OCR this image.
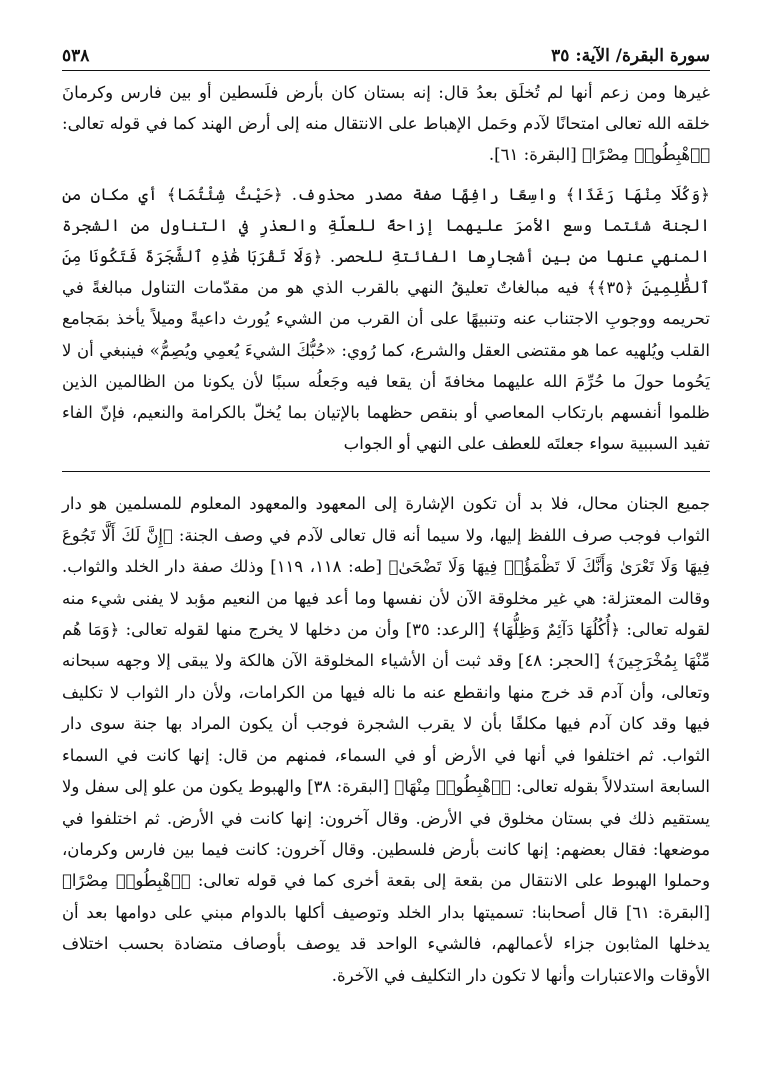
سورة البقرة/ الآية: ٣٥
٥٣٨

غيرها ومن زعم أنها لم تُخلَق بعدُ قال: إنه بستان كان بأرض فلَسطين أو بين فارس وكرمانَ خلقه الله تعالى امتحانًا لآدم وحَمل الإهباط على الانتقال منه إلى أرض الهند كما في قوله تعالى: ﴿ٱهْبِطُوا۟ مِصْرًا﴾ [البقرة: ٦١].

﴿وَكُلَا مِنْهَا رَغَدًا﴾ واسِعًا رافِهًا صفة مصدر محذوف. ﴿حَيْثُ شِئْتُمَا﴾ أي مكان من الجنة شئتما وسع الأمرَ عليهما إزاحةً للعلّةِ والعذرِ في التناول من الشجرة المنهي عنها من بين أشجارِها الفائتةِ للحصر. ﴿وَلَا تَقْرَبَا هَٰذِهِ ٱلشَّجَرَةَ فَتَكُونَا مِنَ ٱلظَّٰلِمِينَ ﴿٣٥﴾﴾ فيه مبالغاتٌ تعليقُ النهي بالقرب الذي هو من مقدّمات التناول مبالغةً في تحريمه ووجوبِ الاجتناب عنه وتنبيهًا على أن القرب من الشيء يُورث داعيةً وميلاً يأخذ بمَجامع القلب ويُلهيه عما هو مقتضى العقل والشرع، كما رُوي: «حُبُّكَ الشيءَ يُعمِي ويُصِمُّ» فينبغي أن لا يَحُوما حولَ ما حُرِّمَ الله عليهما مخافةَ أن يقعا فيه وجَعلُه سببًا لأن يكونا من الظالمين الذين ظلموا أنفسهم بارتكاب المعاصي أو بنقص حظهما بالإتيان بما يُخلّ بالكرامة والنعيم، فإنّ الفاء تفيد السببية سواء جعلتَه للعطف على النهي أو الجواب

جميع الجنان محال، فلا بد أن تكون الإشارة إلى المعهود والمعهود المعلوم للمسلمين هو دار الثواب فوجب صرف اللفظ إليها، ولا سيما أنه قال تعالى لآدم في وصف الجنة: ﴿إِنَّ لَكَ أَلَّا تَجُوعَ فِيهَا وَلَا تَعْرَىٰ وَأَنَّكَ لَا تَظْمَؤُا۟ فِيهَا وَلَا تَضْحَىٰ﴾ [طه: ١١٨، ١١٩] وذلك صفة دار الخلد والثواب. وقالت المعتزلة: هي غير مخلوقة الآن لأن نفسها وما أعد فيها من النعيم مؤبد لا يفنى شيء منه لقوله تعالى: ﴿أُكُلُهَا دَآئِمٌ وَظِلُّهَا﴾ [الرعد: ٣٥] وأن من دخلها لا يخرج منها لقوله تعالى: ﴿وَمَا هُم مِّنْهَا بِمُخْرَجِينَ﴾ [الحجر: ٤٨] وقد ثبت أن الأشياء المخلوقة الآن هالكة ولا يبقى إلا وجهه سبحانه وتعالى، وأن آدم قد خرج منها وانقطع عنه ما ناله فيها من الكرامات، ولأن دار الثواب لا تكليف فيها وقد كان آدم فيها مكلفًا بأن لا يقرب الشجرة فوجب أن يكون المراد بها جنة سوى دار الثواب. ثم اختلفوا في أنها في الأرض أو في السماء، فمنهم من قال: إنها كانت في السماء السابعة استدلالاً بقوله تعالى: ﴿ٱهْبِطُوا۟ مِنْهَا﴾ [البقرة: ٣٨] والهبوط يكون من علو إلى سفل ولا يستقيم ذلك في بستان مخلوق في الأرض. وقال آخرون: إنها كانت في الأرض. ثم اختلفوا في موضعها: فقال بعضهم: إنها كانت بأرض فلسطين. وقال آخرون: كانت فيما بين فارس وكرمان، وحملوا الهبوط على الانتقال من بقعة إلى بقعة أخرى كما في قوله تعالى: ﴿ٱهْبِطُوا۟ مِصْرًا﴾ [البقرة: ٦١] قال أصحابنا: تسميتها بدار الخلد وتوصيف أكلها بالدوام مبني على دوامها بعد أن يدخلها المثابون جزاء لأعمالهم، فالشيء الواحد قد يوصف بأوصاف متضادة بحسب اختلاف الأوقات والاعتبارات وأنها لا تكون دار التكليف في الآخرة.
